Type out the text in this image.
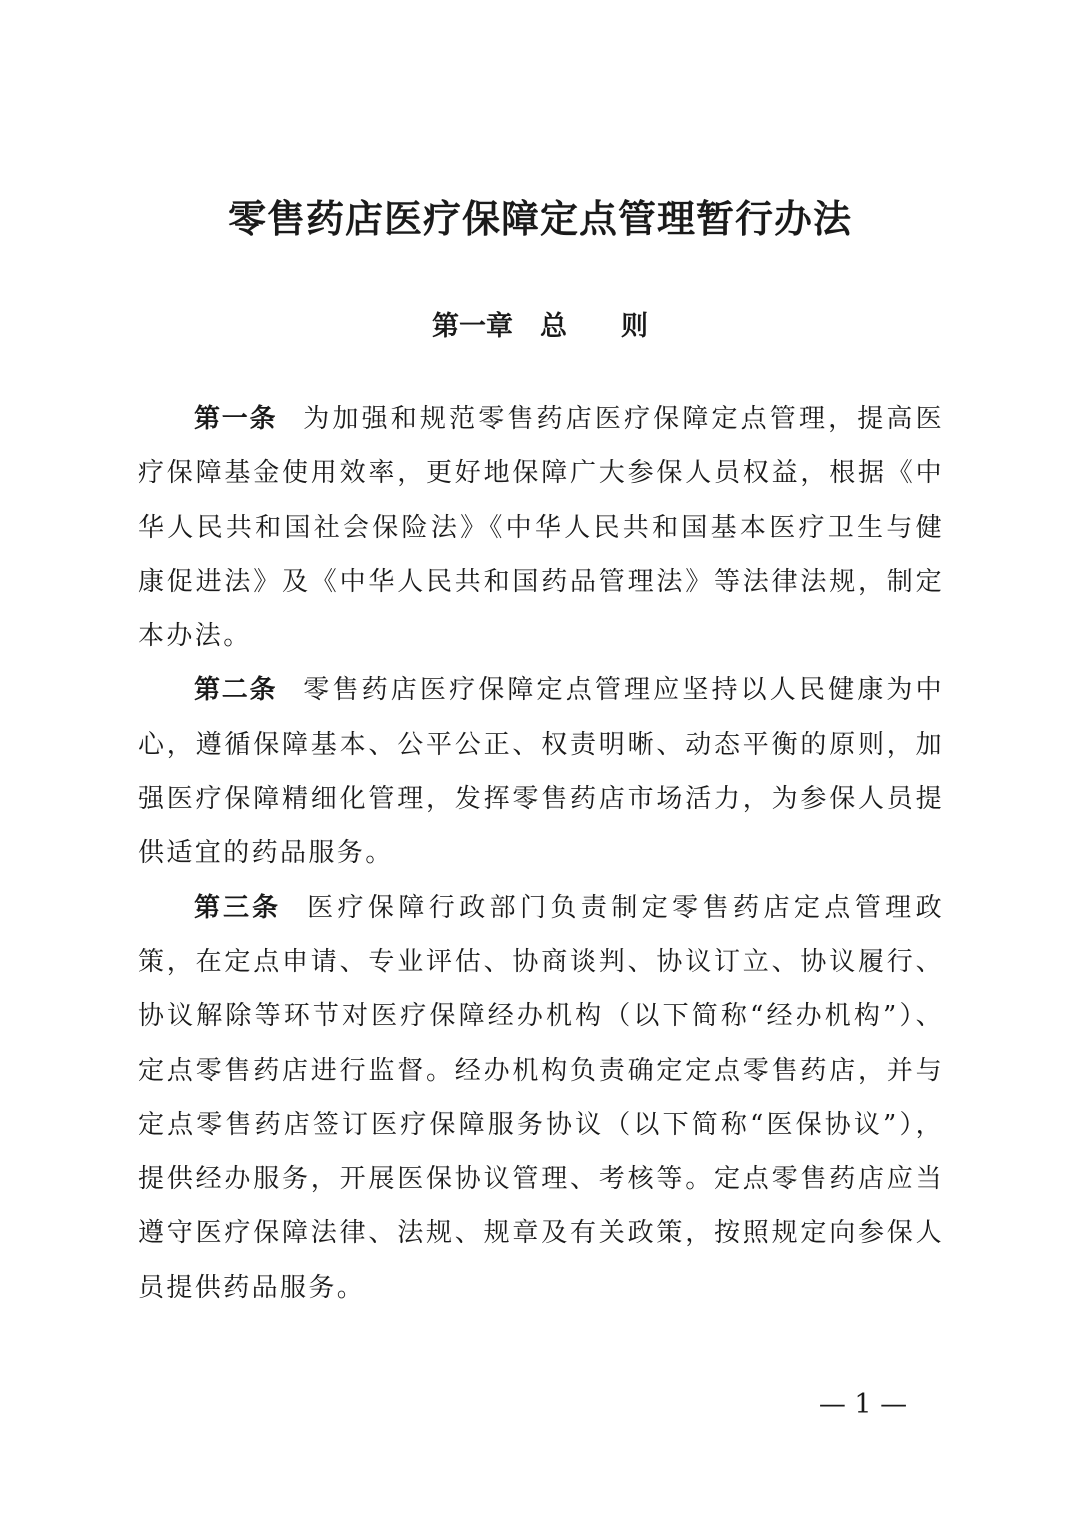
零售药店医疗保障定点管理暂行办法
第一章　总　　则

第一条 为加强和规范零售药店医疗保障定点管理，提高医疗保障基金使用效率，更好地保障广大参保人员权益，根据《中华人民共和国社会保险法》《中华人民共和国基本医疗卫生与健康促进法》及《中华人民共和国药品管理法》等法律法规，制定本办法。

第二条 零售药店医疗保障定点管理应坚持以人民健康为中心，遵循保障基本、公平公正、权责明晰、动态平衡的原则，加强医疗保障精细化管理，发挥零售药店市场活力，为参保人员提供适宜的药品服务。

第三条 医疗保障行政部门负责制定零售药店定点管理政策，在定点申请、专业评估、协商谈判、协议订立、协议履行、协议解除等环节对医疗保障经办机构（以下简称“经办机构”）、定点零售药店进行监督。经办机构负责确定定点零售药店，并与定点零售药店签订医疗保障服务协议（以下简称“医保协议”），提供经办服务，开展医保协议管理、考核等。定点零售药店应当遵守医疗保障法律、法规、规章及有关政策，按照规定向参保人员提供药品服务。

— 1 —
